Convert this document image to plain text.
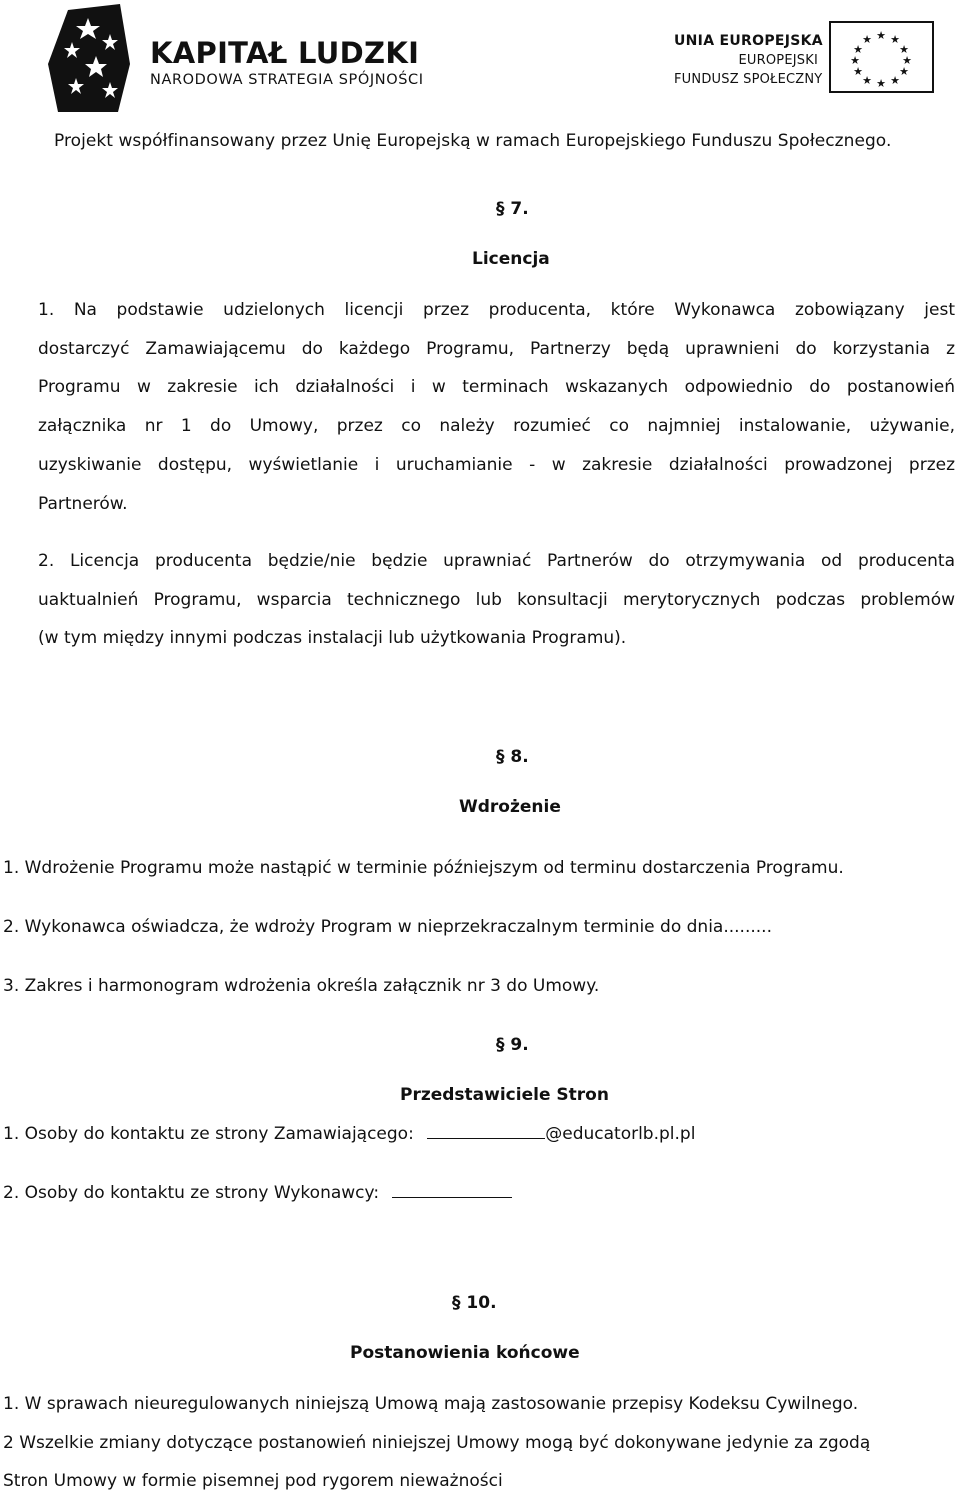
KAPITAŁ LUDZKI
NARODOWA STRATEGIA SPÓJNOŚCI
UNIA EUROPEJSKA
EUROPEJSKI
FUNDUSZ SPOŁECZNY
★ ★
★
★
★
★
★
★
★
★
★
★
Projekt współfinansowany przez Unię Europejską w ramach Europejskiego Funduszu Społecznego.
§ 7.
Licencja
1. Na podstawie udzielonych licencji przez producenta, które Wykonawca zobowiązany jest
dostarczyć Zamawiającemu do każdego Programu, Partnerzy będą uprawnieni do korzystania z
Programu w zakresie ich działalności i w terminach wskazanych odpowiednio do postanowień
załącznika nr 1 do Umowy, przez co należy rozumieć co najmniej instalowanie, używanie,
uzyskiwanie dostępu, wyświetlanie i uruchamianie - w zakresie działalności prowadzonej przez
Partnerów.
2. Licencja producenta będzie/nie będzie uprawniać Partnerów do otrzymywania od producenta
uaktualnień Programu, wsparcia technicznego lub konsultacji merytorycznych podczas problemów
(w tym między innymi podczas instalacji lub użytkowania Programu).
§ 8.
Wdrożenie
1. Wdrożenie Programu może nastąpić w terminie późniejszym od terminu dostarczenia Programu.
2. Wykonawca oświadcza, że wdroży Program w nieprzekraczalnym terminie do dnia.........
3. Zakres i harmonogram wdrożenia określa załącznik nr 3 do Umowy.
§ 9.
Przedstawiciele Stron
1. Osoby do kontaktu ze strony Zamawiającego:	@educatorlb.pl.pl
2. Osoby do kontaktu ze strony Wykonawcy:
§ 10.
Postanowienia końcowe
1. W sprawach nieuregulowanych niniejszą Umową mają zastosowanie przepisy Kodeksu Cywilnego.
2 Wszelkie zmiany dotyczące postanowień niniejszej Umowy mogą być dokonywane jedynie za zgodą
Stron Umowy w formie pisemnej pod rygorem nieważności
